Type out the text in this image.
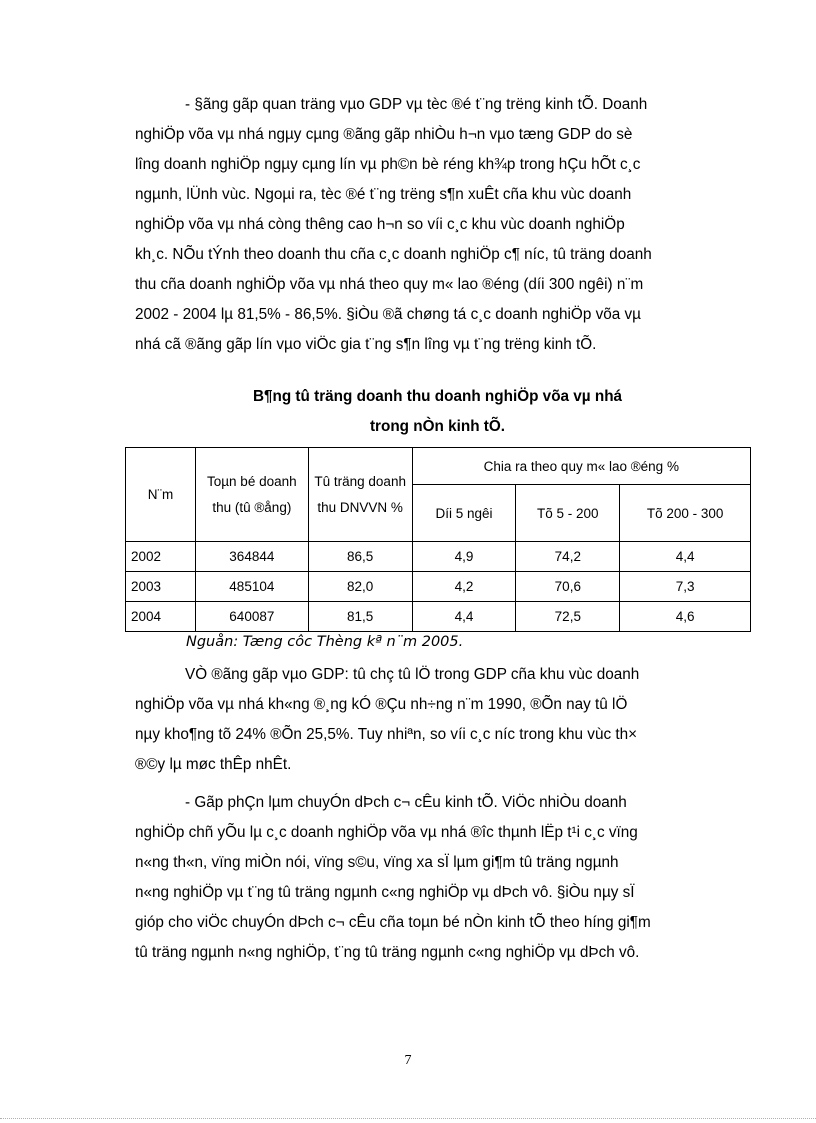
- §ãng gãp quan träng vµo GDP vµ tèc ®é t¨ng trëng kinh tÕ. Doanh
nghiÖp võa vµ nhá ngµy cµng ®ãng gãp nhiÒu h¬n vµo tæng GDP do sè
lîng doanh nghiÖp ngµy cµng lín vµ ph©n bè réng kh¾p trong hÇu hÕt c¸c
ngµnh, lÜnh vùc. Ngoµi ra, tèc ®é t¨ng trëng s¶n xuÊt cña khu vùc doanh
nghiÖp võa vµ nhá còng thêng cao h¬n so víi c¸c khu vùc doanh nghiÖp
kh¸c. NÕu tÝnh theo doanh thu cña c¸c doanh nghiÖp c¶ níc, tû träng doanh
thu cña doanh nghiÖp võa vµ nhá theo quy m« lao ®éng (díi 300 ngêi) n¨m
2002 - 2004 lµ 81,5% - 86,5%. §iÒu ®ã chøng tá c¸c doanh nghiÖp võa vµ
nhá cã ®ãng gãp lín vµo viÖc gia t¨ng s¶n lîng vµ t¨ng trëng kinh tÕ.
B¶ng tû träng doanh thu doanh nghiÖp võa vµ nhá
trong nÒn kinh tÕ.
N¨m	Toµn bé doanh thu (tû ®ång)	Tû träng doanh thu DNVVN %	Chia ra theo quy m« lao ®éng %		
			Díi 5 ngêi	Tõ 5 - 200	Tõ 200 - 300
2002	364844	86,5	4,9	74,2	4,4
2003	485104	82,0	4,2	70,6	7,3
2004	640087	81,5	4,4	72,5	4,6
Nguån: Tæng côc Thèng kª n¨m 2005.
VÒ ®ãng gãp vµo GDP: tû chç tû lÖ trong GDP cña khu vùc doanh
nghiÖp võa vµ nhá kh«ng ®¸ng kÓ ®Çu nh÷ng n¨m 1990, ®Õn nay tû lÖ
nµy kho¶ng tõ 24% ®Õn 25,5%. Tuy nhiªn, so víi c¸c níc trong khu vùc th×
®©y lµ møc thÊp nhÊt.
- Gãp phÇn lµm chuyÓn dÞch c¬ cÊu kinh tÕ. ViÖc nhiÒu doanh
nghiÖp chñ yÕu lµ c¸c doanh nghiÖp võa vµ nhá ®îc thµnh lËp t¹i c¸c vïng
n«ng th«n, vïng miÒn nói, vïng s©u, vïng xa sÏ lµm gi¶m tû träng ngµnh
n«ng nghiÖp vµ t¨ng tû träng ngµnh c«ng nghiÖp vµ dÞch vô. §iÒu nµy sÏ
gióp cho viÖc chuyÓn dÞch c¬ cÊu cña toµn bé nÒn kinh tÕ theo híng gi¶m
tû träng ngµnh n«ng nghiÖp, t¨ng tû träng ngµnh c«ng nghiÖp vµ dÞch vô.
7
